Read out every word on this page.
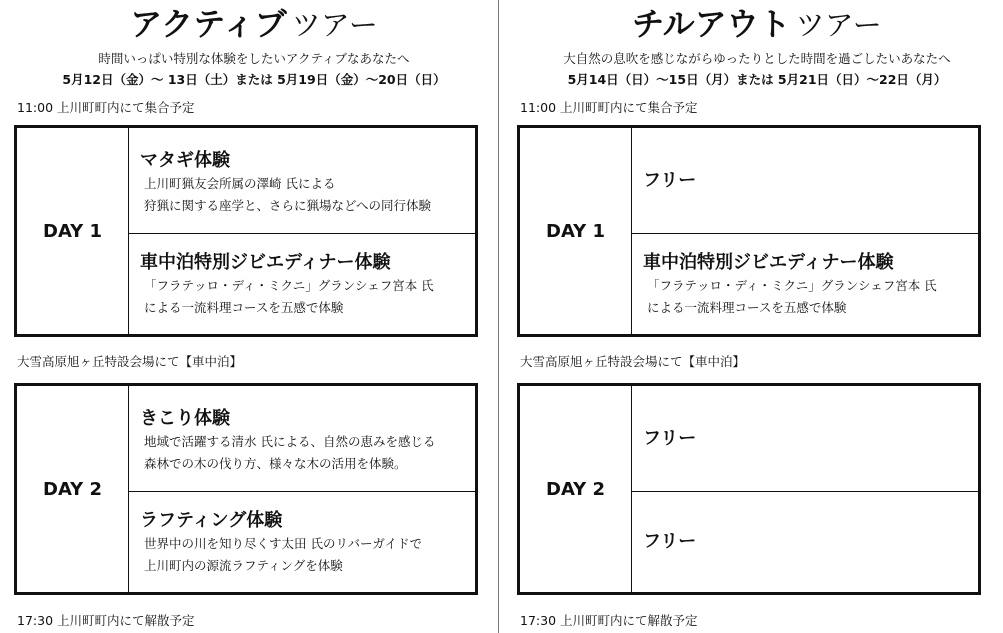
アクティブ ツアー
時間いっぱい特別な体験をしたいアクティブなあなたへ
5月12日（金）〜 13日（土）または 5月19日（金）〜20日（日）
11:00 上川町町内にて集合予定
DAY 1
マタギ体験
上川町猟友会所属の澤崎 氏による
狩猟に関する座学と、さらに猟場などへの同行体験
車中泊特別ジビエディナー体験
「フラテッロ・ディ・ミクニ」グランシェフ宮本 氏
による一流料理コースを五感で体験
大雪高原旭ヶ丘特設会場にて【車中泊】
DAY 2
きこり体験
地域で活躍する清水 氏による、自然の恵みを感じる
森林での木の伐り方、様々な木の活用を体験。
ラフティング体験
世界中の川を知り尽くす太田 氏のリバーガイドで
上川町内の源流ラフティングを体験
17:30 上川町町内にて解散予定
チルアウト ツアー
大自然の息吹を感じながらゆったりとした時間を過ごしたいあなたへ
5月14日（日）〜15日（月）または 5月21日（日）〜22日（月）
11:00 上川町町内にて集合予定
DAY 1
フリー
車中泊特別ジビエディナー体験
「フラテッロ・ディ・ミクニ」グランシェフ宮本 氏
による一流料理コースを五感で体験
大雪高原旭ヶ丘特設会場にて【車中泊】
DAY 2
フリー
フリー
17:30 上川町町内にて解散予定
